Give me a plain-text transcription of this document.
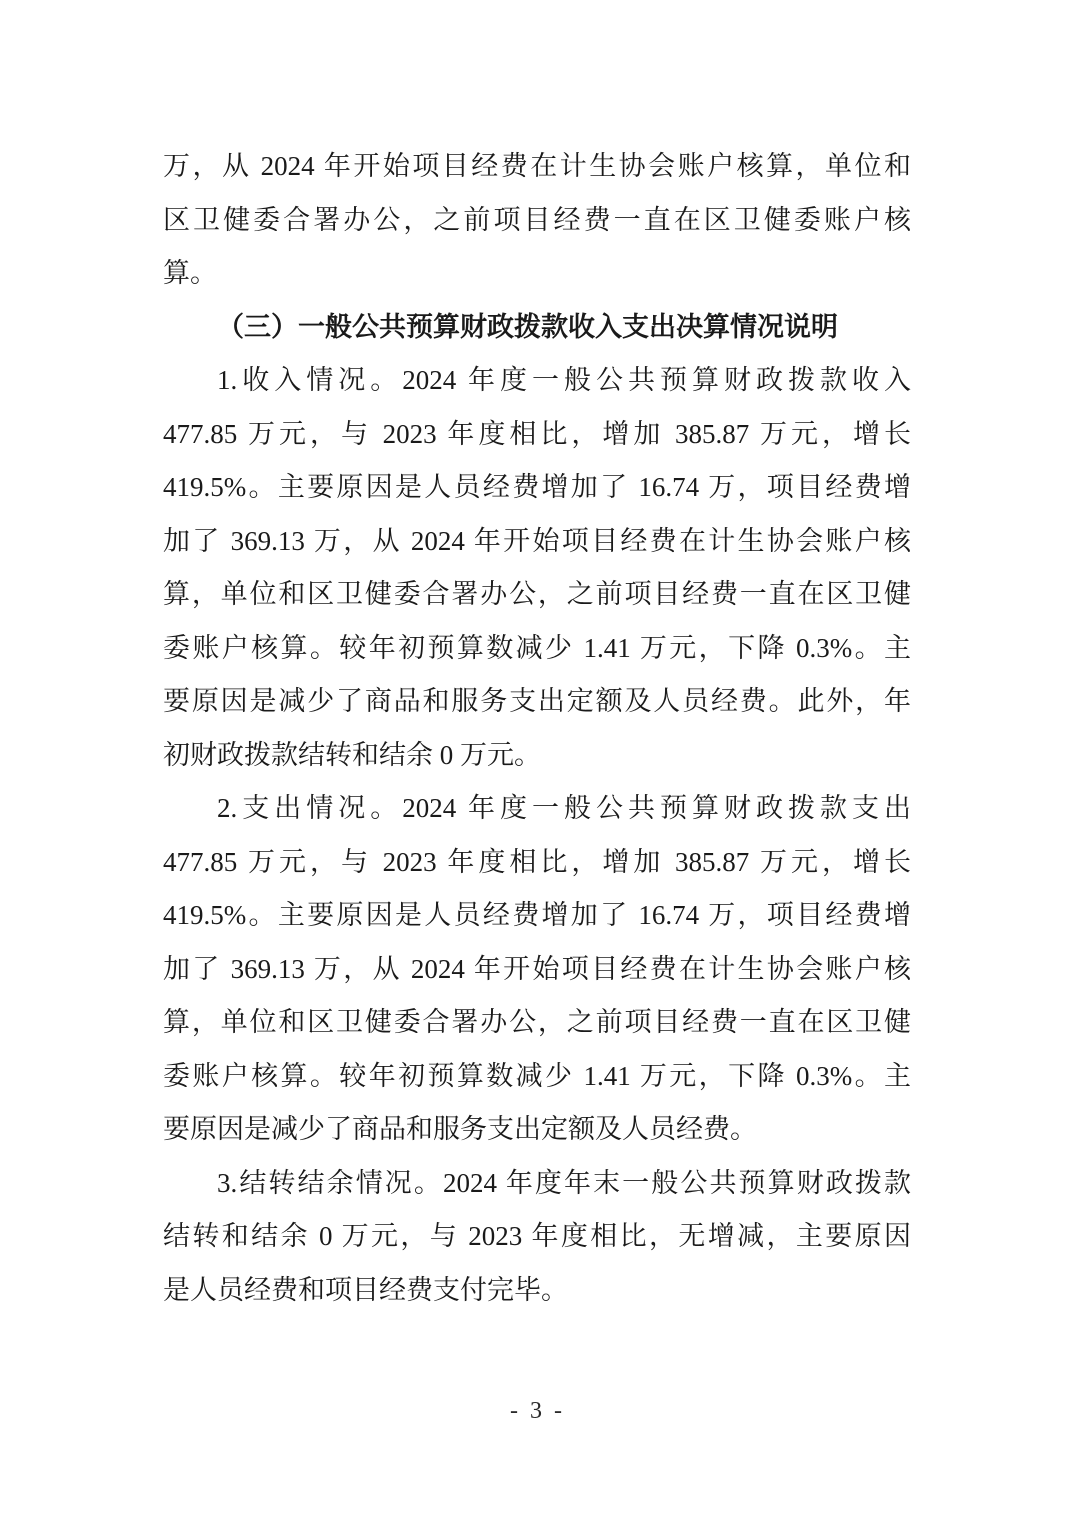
万，从 2024 年开始项目经费在计生协会账户核算，单位和
区卫健委合署办公，之前项目经费一直在区卫健委账户核
算。
（三）一般公共预算财政拨款收入支出决算情况说明
1.收入情况。2024 年度一般公共预算财政拨款收入
477.85 万元，与 2023 年度相比，增加 385.87 万元，增长
419.5%。主要原因是人员经费增加了 16.74 万，项目经费增
加了 369.13 万，从 2024 年开始项目经费在计生协会账户核
算，单位和区卫健委合署办公，之前项目经费一直在区卫健
委账户核算。较年初预算数减少 1.41 万元，下降 0.3%。主
要原因是减少了商品和服务支出定额及人员经费。此外，年
初财政拨款结转和结余 0 万元。
2.支出情况。2024 年度一般公共预算财政拨款支出
477.85 万元，与 2023 年度相比，增加 385.87 万元，增长
419.5%。主要原因是人员经费增加了 16.74 万，项目经费增
加了 369.13 万，从 2024 年开始项目经费在计生协会账户核
算，单位和区卫健委合署办公，之前项目经费一直在区卫健
委账户核算。较年初预算数减少 1.41 万元，下降 0.3%。主
要原因是减少了商品和服务支出定额及人员经费。
3.结转结余情况。2024 年度年末一般公共预算财政拨款
结转和结余 0 万元，与 2023 年度相比，无增减，主要原因
是人员经费和项目经费支付完毕。
- 3 -
